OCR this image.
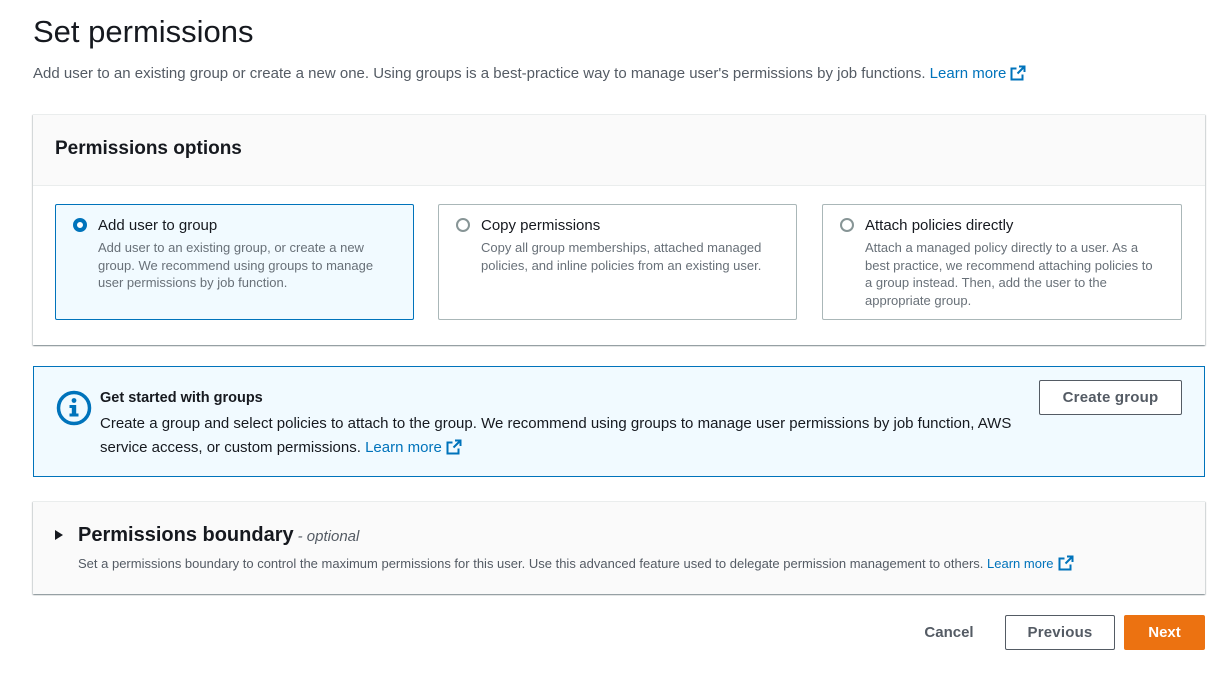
Set permissions
Add user to an existing group or create a new one. Using groups is a best-practice way to manage user's permissions by job functions. Learn more
Permissions options
Add user to group
Add user to an existing group, or create a new group. We recommend using groups to manage user permissions by job function.
Copy permissions
Copy all group memberships, attached managed policies, and inline policies from an existing user.
Attach policies directly
Attach a managed policy directly to a user. As a best practice, we recommend attaching policies to a group instead. Then, add the user to the appropriate group.
Get started with groups
Create a group and select policies to attach to the group. We recommend using groups to manage user permissions by job function, AWS service access, or custom permissions. Learn more
Create group
Permissions boundary - optional
Set a permissions boundary to control the maximum permissions for this user. Use this advanced feature used to delegate permission management to others. Learn more
Cancel	Previous	Next
